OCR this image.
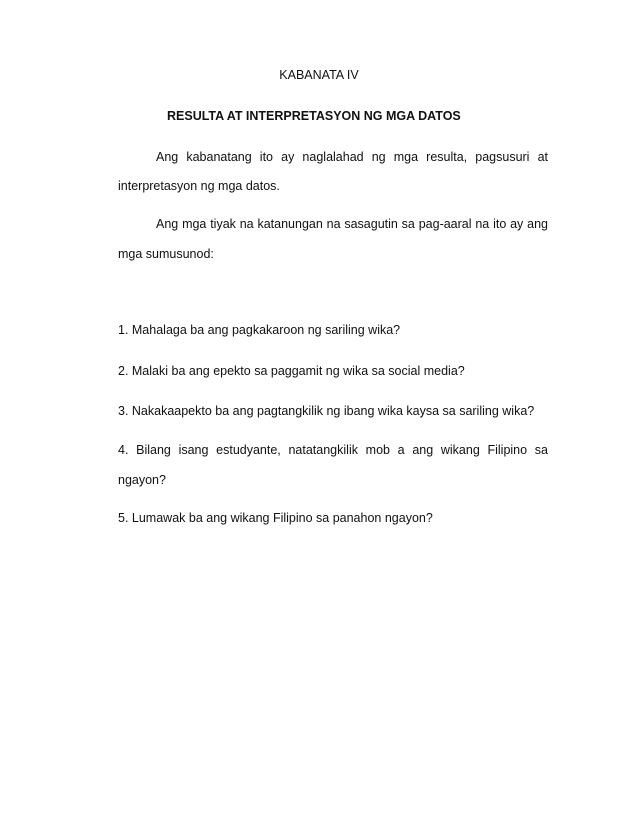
KABANATA IV
RESULTA AT INTERPRETASYON NG MGA DATOS
Ang kabanatang ito ay naglalahad ng mga resulta, pagsusuri at
interpretasyon ng mga datos.
Ang mga tiyak na katanungan na sasagutin sa pag-aaral na ito ay ang
mga sumusunod:
1. Mahalaga ba ang pagkakaroon ng sariling wika?
2. Malaki ba ang epekto sa paggamit ng wika sa social media?
3. Nakakaapekto ba ang pagtangkilik ng ibang wika kaysa sa sariling wika?
4. Bilang isang estudyante, natatangkilik mob a ang wikang Filipino sa
ngayon?
5. Lumawak ba ang wikang Filipino sa panahon ngayon?
